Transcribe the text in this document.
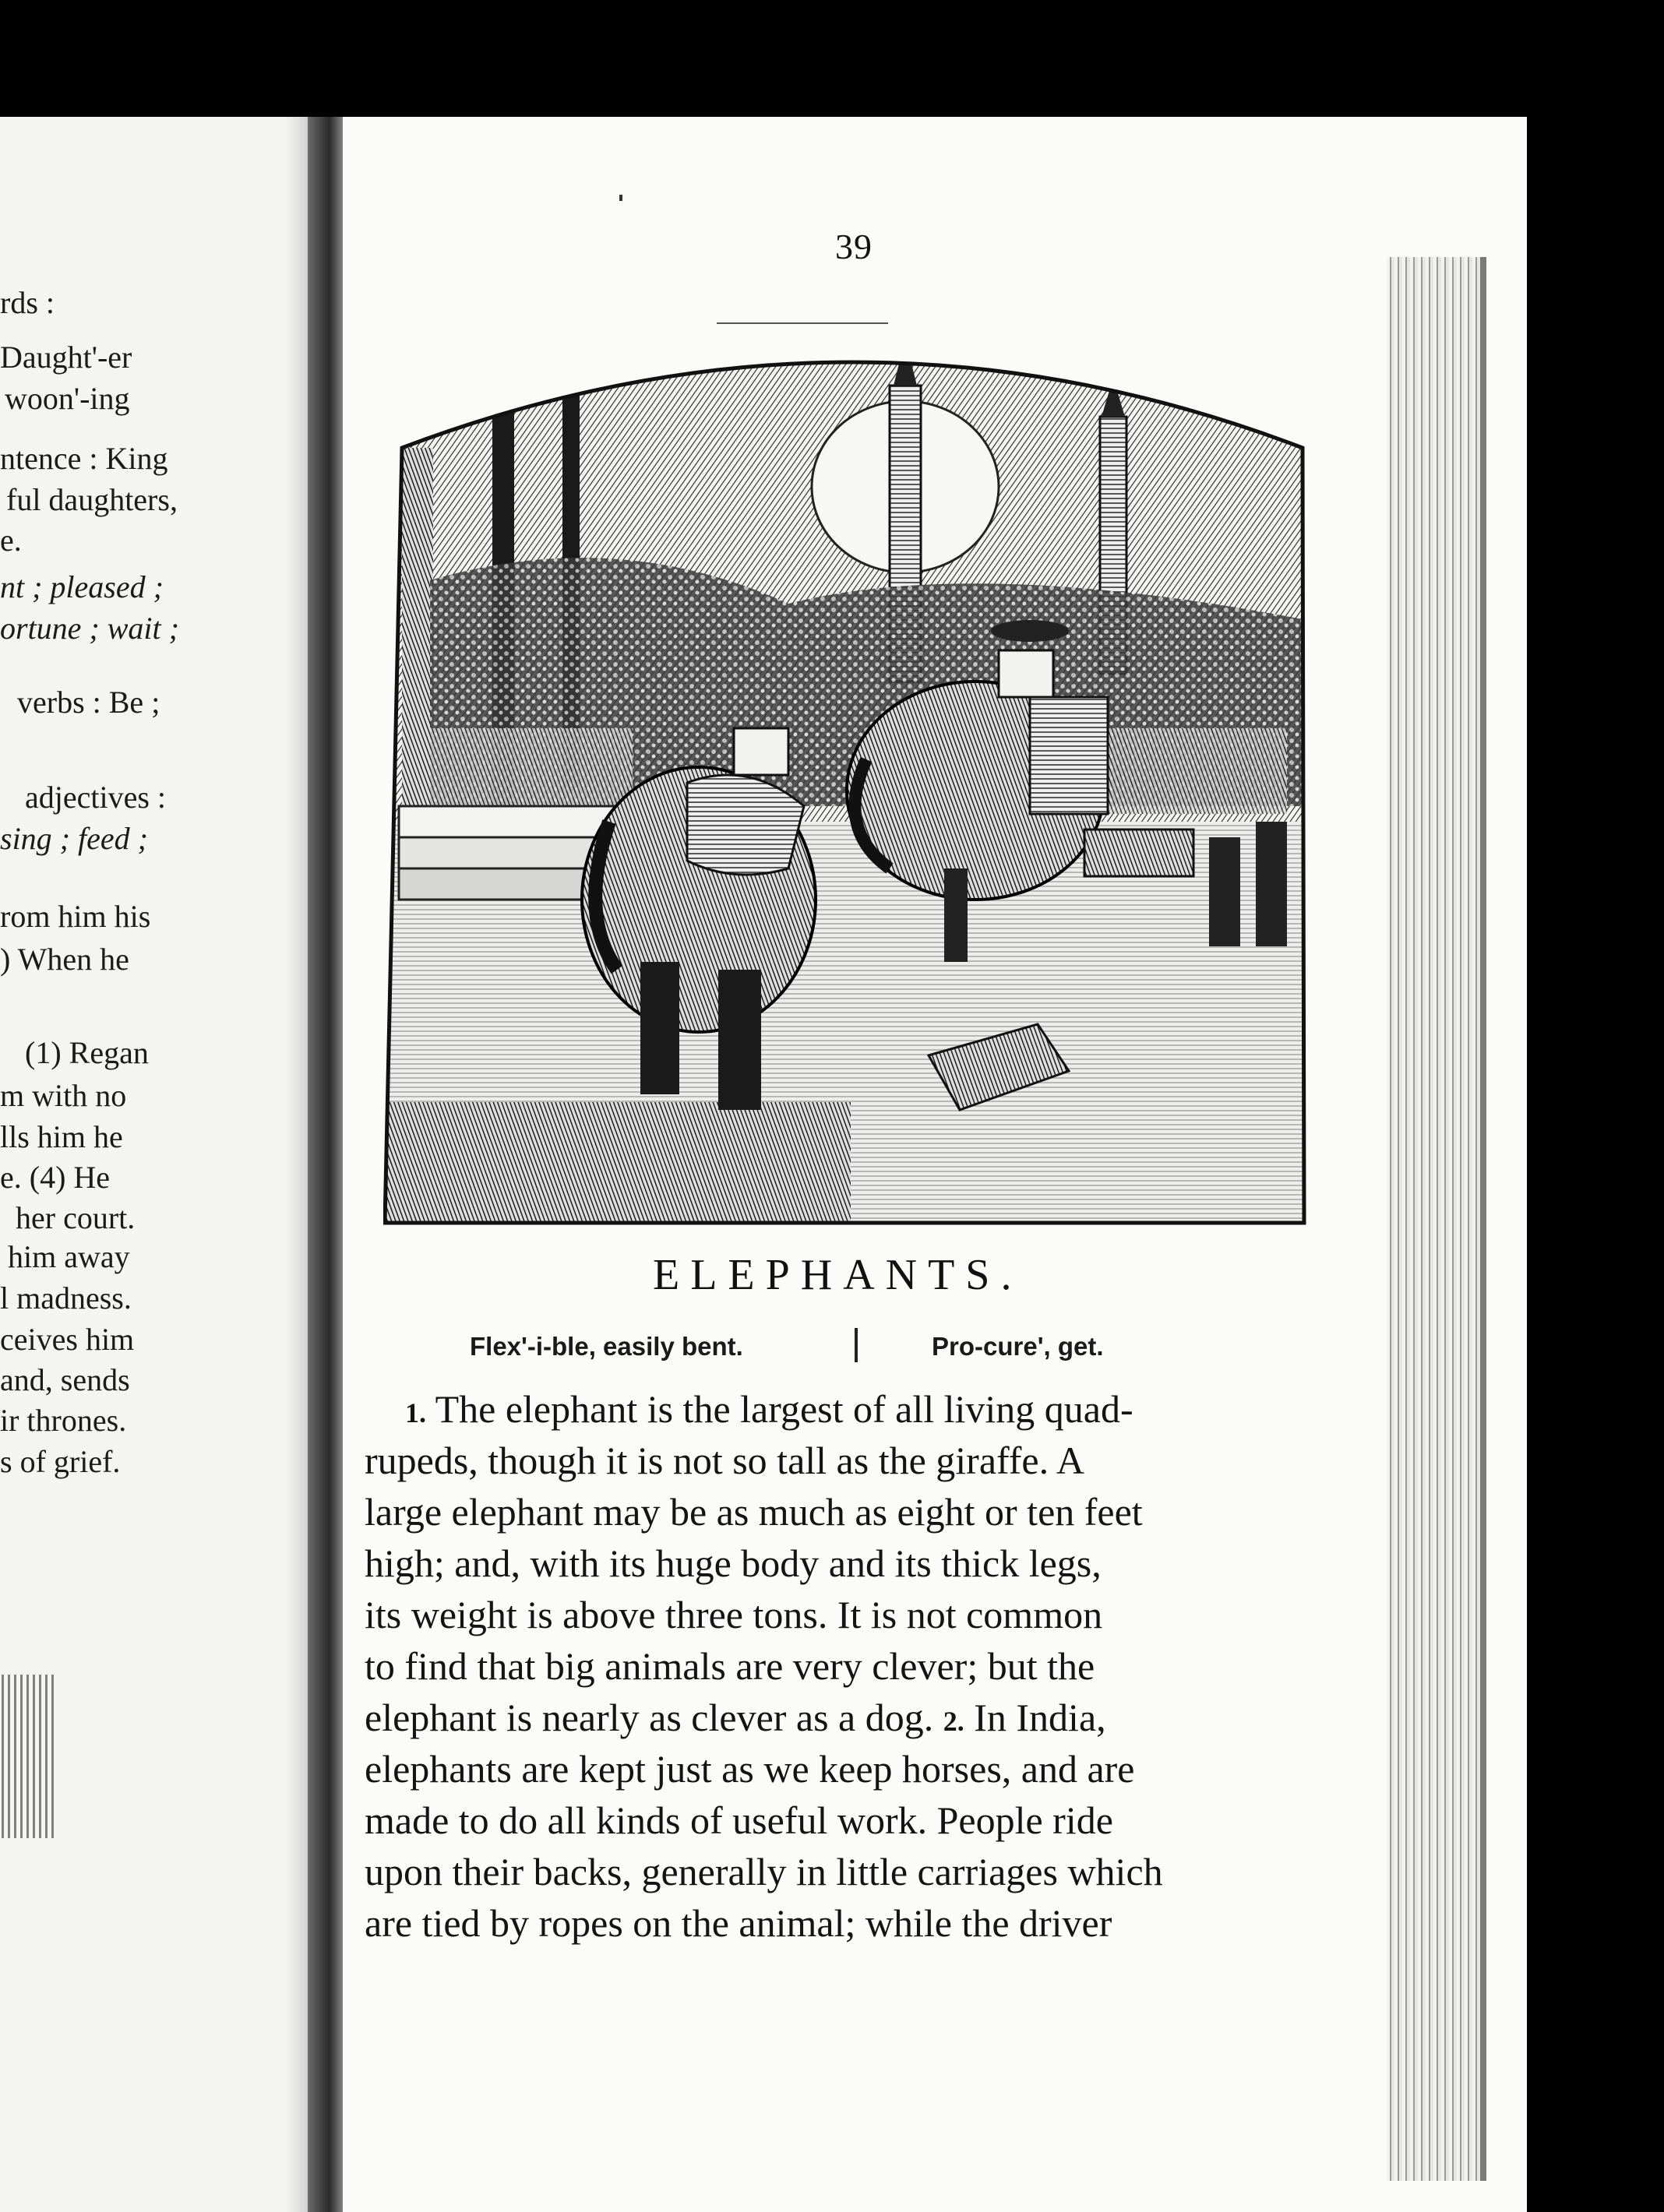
rds :
Daught'-er
woon'-ing
ntence : King
ful daughters,
e.
nt ; pleased ;
ortune ; wait ;
verbs : Be ;
adjectives :
sing ; feed ;
rom him his
) When he
(1) Regan
m with no
lls him he
e. (4) He
her court.
him away
l madness.
ceives him
and, sends
ir thrones.
s of grief.
39
ELEPHANTS.
Flex'-i-ble, easily bent.	Pro-cure', get.
1. The elephant is the largest of all living quad-
rupeds, though it is not so tall as the giraffe. A
large elephant may be as much as eight or ten feet
high; and, with its huge body and its thick legs,
its weight is above three tons. It is not common
to find that big animals are very clever; but the
elephant is nearly as clever as a dog. 2. In India,
elephants are kept just as we keep horses, and are
made to do all kinds of useful work. People ride
upon their backs, generally in little carriages which
are tied by ropes on the animal; while the driver
